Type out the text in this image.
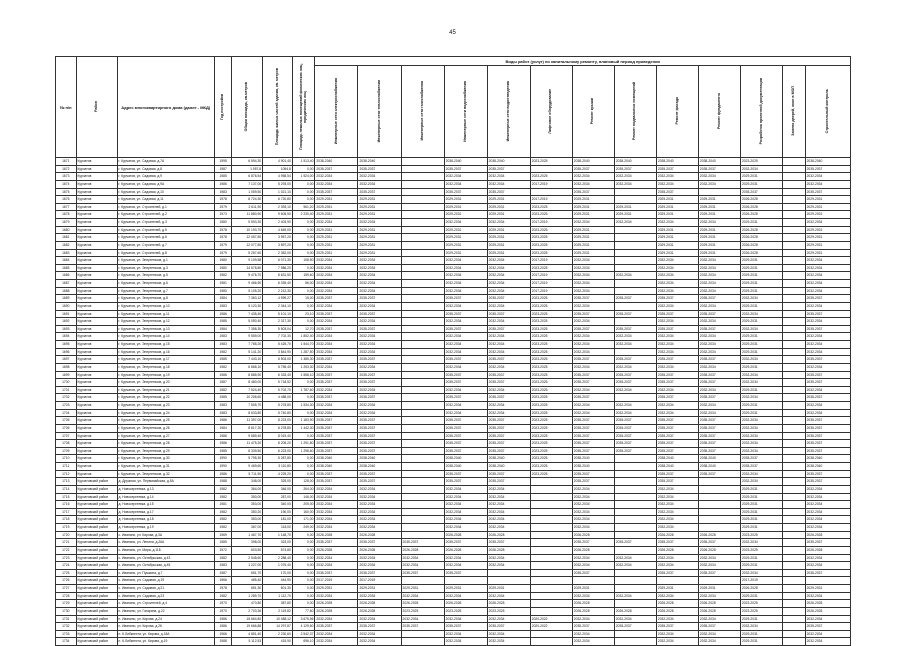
45
№ п/п	Район	Адрес многоквартирного дома (далее - МКД)	Год постройки	Общая площадь, кв.метров	Площадь жилых частей здания, кв. метров	Площадь нежилых помещений физических лиц, юридических лиц	Виды работ (услуг) по капитальному ремонту, плановый период проведения												
							Инженерные сети электроснабжения	Инженерные сети теплоснабжения	Инженерные сети газоснабжения	Инженерные сети водоснабжения	Инженерные сети водоотведения	Лифтовое оборудование	Ремонт крыши	Ремонт подвальных помещений	Ремонт фасада	Ремонт фундамента	Разработка проектной документации	Замена дверей, окон в МОП	Строительный контроль
1671	Курчатов	г. Курчатов, ул. Садовая, д.7А	1995	6 594,30	4 901,40	1 513,40	2038-2040	2038-2040		2038-2040	2038-2040	2023-2025	2038-2040	2038-2040	2038-2040	2038-2040	2023-2025		2038-2040
1672	Курчатов	г. Курчатов, ул. Садовая, д.8	1987	1 057,8	1054,8	0,00	2035-2037	2035-2037		2035-2037	2035-2037		2035-2037	2035-2037	2035-2037	2035-2037	2032-2034		2035-2037
1673	Курчатов	г. Курчатов, ул. Садовая, д.9	1985	6 876,54	4 958,54	1 524,00	2032-2034	2032-2034		2032-2034	2032-2034	2023-2025	2032-2034	2032-2034	2032-2034	2032-2034	2029-2031		2032-2034
1674	Курчатов	г. Курчатов, ул. Садовая, д.9А	1986	7 137,00	5 293,00	0,00	2032-2034	2032-2034		2032-2034	2032-2034	2017-2019	2032-2034	2032-2034	2032-2034	2032-2034	2029-2031		2032-2034
1675	Курчатов	г. Курчатов, ул. Садовая, д.10	1983	1 059,50	1 021,10	0,00	2035-2037	2035-2037		2035-2037	2035-2037		2035-2037		2035-2037		2035-2037		2035-2037
1676	Курчатов	г. Курчатов, ул. Садовая, д.11	1978	8 724,30	6 720,80	0,00	2029-2031	2029-2031		2029-2031	2029-2031	2017-2019	2029-2031		2029-2031	2029-2031	2026-2028		2029-2031
1677	Курчатов	г. Курчатов, ул. Строителей, д.1	1979	2 611,90	2 393,10	961,20	2029-2031	2029-2031		2029-2031	2029-2031	2023-2025	2029-2031	2029-2031	2029-2031	2029-2031	2026-2028		2029-2031
1678	Курчатов	г. Курчатов, ул. Строителей, д.2	1973	11 880,90	9 605,50	2 230,40	2029-2031	2029-2031		2029-2031	2029-2031	2023-2025	2029-2031	2029-2031	2029-2031	2029-2031	2026-2028		2029-2031
1679	Курчатов	г. Курчатов, ул. Строителей, д.3	1980	5 593,30	2 403,90	0,00	2032-2034	2032-2034		2032-2034	2032-2034	2017-2019	2032-2034	2032-2034	2032-2034	2032-2034	2029-2031		2032-2034
1680	Курчатов	г. Курчатов, ул. Строителей, д.5	1978	10 193,70	4 649,00	0,00	2029-2031	2029-2031		2029-2031	2029-2031	2023-2025	2029-2031		2029-2031	2029-2031	2026-2028		2029-2031
1681	Курчатов	г. Курчатов, ул. Строителей, д.6	1978	12 057,80	3 957,20	0,00	2029-2031	2029-2031		2029-2031	2029-2031	2023-2025	2029-2031		2029-2031	2029-2031	2026-2028		2029-2031
1682	Курчатов	г. Курчатов, ул. Строителей, д.7	1979	12 077,80	3 897,20	0,00	2029-2031	2029-2031		2029-2031	2029-2031	2023-2025	2029-2031		2029-2031	2029-2031	2026-2028		2029-2031
1683	Курчатов	г. Курчатов, ул. Строителей, д.8	1979	5 257,60	2 352,00	0,00	2029-2031	2029-2031		2029-2031	2029-2031	2023-2025	2029-2031		2029-2031	2029-2031	2026-2028		2029-2031
1684	Курчатов	г. Курчатов, ул. Энергетиков, д.1	1980	9 109,58	6 071,30	108,50	2032-2034	2032-2034		2032-2034	2032-2034	2017-2019	2032-2034		2032-2034	2032-2034	2029-2031		2032-2034
1685	Курчатов	г. Курчатов, ул. Энергетиков, д.3	1980	14 578,80	7 986,20	0,00	2032-2034	2032-2034		2032-2034	2032-2034	2023-2025	2032-2034		2032-2034	2032-2034	2029-2031		2032-2034
1686	Курчатов	г. Курчатов, ул. Энергетиков, д.5	1982	9 476,70	8 631,50	159,60	2032-2034	2032-2034		2032-2034	2032-2034	2017-2019	2032-2034	2032-2034	2032-2034	2032-2034	2029-2031		2032-2034
1687	Курчатов	г. Курчатов, ул. Энергетиков, д.6	1981	9 466,90	6 339,40	56,00	2032-2034	2032-2034		2032-2034	2032-2034	2017-2019	2032-2034		2032-2034	2032-2034	2029-2031		2032-2034
1688	Курчатов	г. Курчатов, ул. Энергетиков, д.7	1980	5 105,20	2 212,30	0,00	2032-2034	2032-2034		2032-2034	2032-2034	2017-2019	2032-2034		2032-2034	2032-2034	2029-2031		2032-2034
1689	Курчатов	г. Курчатов, ул. Энергетиков, д.8	1984	7 363,12	4 999,27	15,00	2035-2037	2035-2037		2035-2037	2035-2037	2023-2025	2035-2037	2035-2037	2035-2037	2035-2037	2032-2034		2035-2037
1690	Курчатов	г. Курчатов, ул. Энергетиков, д.10	1983	5 120,30	2 344,10	0,00	2032-2034	2032-2034		2032-2034	2032-2034	2023-2025	2032-2034		2032-2034	2032-2034	2029-2031		2032-2034
1691	Курчатов	г. Курчатов, ул. Энергетиков, д.11	1986	7 435,40	5 101,10	23,10	2035-2037	2035-2037		2035-2037	2035-2037	2023-2025	2035-2037	2035-2037	2035-2037	2035-2037	2032-2034		2035-2037
1692	Курчатов	г. Курчатов, ул. Энергетиков, д.12	1985	5 050,40	2 317,30	0,00	2032-2034	2032-2034		2032-2034	2032-2034	2023-2025	2032-2034		2032-2034	2032-2034	2029-2031		2032-2034
1693	Курчатов	г. Курчатов, ул. Энергетиков, д.13	1984	7 358,30	5 503,04	12,70	2035-2037	2035-2037		2035-2037	2035-2037	2023-2025	2035-2037	2035-2037	2035-2037	2035-2037	2032-2034		2035-2037
1694	Курчатов	г. Курчатов, ул. Энергетиков, д.14	1983	9 559,00	7 702,30	1 852,40	2032-2034	2032-2034		2032-2034	2032-2034	2023-2025	2032-2034	2032-2034	2032-2034	2032-2034	2029-2031		2032-2034
1695	Курчатов	г. Курчатов, ул. Энергетиков, д.15	1983	7 785,20	5 425,70	1 544,70	2032-2034	2032-2034		2032-2034	2032-2034	2023-2025	2032-2034	2032-2034	2032-2034	2032-2034	2029-2031		2032-2034
1696	Курчатов	г. Курчатов, ул. Энергетиков, д.16	1982	5 141,20	3 844,90	1 287,50	2032-2034	2032-2034		2032-2034	2032-2034	2023-2025	2032-2034		2032-2034	2032-2034	2029-2031		2032-2034
1697	Курчатов	г. Курчатов, ул. Энергетиков, д.17	1985	7 443,10	5 503,00	1 385,30	2035-2037	2035-2037		2035-2037	2035-2037	2023-2025	2035-2037	2035-2037	2035-2037	2035-2037	2032-2034		2035-2037
1698	Курчатов	г. Курчатов, ул. Энергетиков, д.18	1982	6 868,10	5 755,40	1 253,30	2032-2034	2032-2034		2032-2034	2032-2034	2023-2025	2032-2034	2032-2034	2032-2034	2032-2034	2029-2031		2032-2034
1699	Курчатов	г. Курчатов, ул. Энергетиков, д.19	1986	8 885,90	6 333,40	1 558,10	2035-2037	2035-2037		2035-2037	2035-2037	2023-2025	2035-2037	2035-2037	2035-2037	2035-2037	2032-2034		2035-2037
1700	Курчатов	г. Курчатов, ул. Энергетиков, д.20	1987	8 480,00	5 718,52	0,00	2035-2037	2035-2037		2035-2037	2035-2037	2023-2025	2035-2037	2035-2037	2035-2037	2035-2037	2032-2034		2035-2037
1701	Курчатов	г. Курчатов, ул. Энергетиков, д.21	1982	7 524,40	5 702,70	1 787,60	2032-2034	2032-2034		2032-2034	2032-2034	2023-2025	2032-2034	2032-2034	2032-2034	2032-2034	2029-2031		2032-2034
1702	Курчатов	г. Курчатов, ул. Энергетиков, д.22	1985	10 206,60	4 488,00	0,00	2035-2037	2035-2037		2035-2037	2035-2037	2023-2025	2035-2037		2035-2037	2035-2037	2032-2034		2035-2037
1703	Курчатов	г. Курчатов, ул. Энергетиков, д.23	1983	7 505,70	5 278,80	1 534,30	2032-2034	2032-2034		2032-2034	2032-2034	2023-2025	2032-2034	2032-2034	2032-2034	2032-2034	2029-2031		2032-2034
1704	Курчатов	г. Курчатов, ул. Энергетиков, д.24	1983	8 633,80	5 740,80	0,00	2032-2034	2032-2034		2032-2034	2032-2034	2023-2025	2032-2034	2032-2034	2032-2034	2032-2034	2029-2031		2032-2034
1705	Курчатов	г. Курчатов, ул. Энергетиков, д.25	1986	11 397,00	8 223,00	1 183,90	2035-2037	2035-2037		2035-2037	2035-2037	2023-2025	2035-2037	2035-2037	2035-2037	2035-2037	2032-2034		2035-2037
1706	Курчатов	г. Курчатов, ул. Энергетиков, д.26	1984	8 617,20	6 278,80	1 442,30	2035-2037	2035-2037		2035-2037	2035-2037	2023-2025	2035-2037	2035-2037	2035-2037	2035-2037	2032-2034		2035-2037
1707	Курчатов	г. Курчатов, ул. Энергетиков, д.27	1986	9 589,40	8 019,40	0,00	2035-2037	2035-2037		2035-2037	2035-2037	2023-2025	2035-2037	2035-2037	2035-2037	2035-2037	2032-2034		2035-2037
1708	Курчатов	г. Курчатов, ул. Энергетиков, д.28	1986	11 475,20	8 205,20	1 291,80	2035-2037	2035-2037		2035-2037	2035-2037	2023-2025	2035-2037	2035-2037	2035-2037	2035-2037	2032-2034		2035-2037
1709	Курчатов	г. Курчатов, ул. Энергетиков, д.29	1985	8 339,50	6 223,00	1 298,60	2035-2037	2035-2037		2035-2037	2035-2037	2023-2025	2035-2037	2035-2037	2035-2037	2035-2037	2032-2034		2035-2037
1710	Курчатов	г. Курчатов, ул. Энергетиков, д.30	1990	5 795,30	5 287,80	0,00	2038-2040	2038-2040		2038-2040	2038-2040	2023-2025	2038-2040		2038-2040	2038-2040	2035-2037		2038-2040
1711	Курчатов	г. Курчатов, ул. Энергетиков, д.31	1990	9 469,60	3 110,80	0,00	2038-2040	2038-2040		2038-2040	2038-2040	2023-2025	2038-2040		2038-2040	2038-2040	2035-2037		2038-2040
1712	Курчатов	г. Курчатов, ул. Энергетиков, д.32	1986	5 711,50	4 225,20	0,00	2035-2037	2035-2037		2035-2037	2035-2037	2023-2025	2035-2037		2035-2037	2035-2037	2032-2034		2035-2037
1713	Курчатовский район	д. Дружная, ул. Первомайская, д.5А	1988	348,00	325,00	128,00	2035-2037	2035-2037		2035-2037	2035-2037		2035-2037		2035-2037		2032-2034		2035-2037
1714	Курчатовский район	д. Новосергеевка, д.13	1982	364,00	346,00	264,00	2032-2034	2032-2034		2032-2034	2032-2034		2032-2034		2032-2034		2029-2031		2032-2034
1715	Курчатовский район	д. Новосергеевка, д.14	1982	350,00	287,00	146,00	2032-2034	2032-2034		2032-2034	2032-2034		2032-2034		2032-2034		2029-2031		2032-2034
1716	Курчатовский район	д. Новосергеевка, д.15	1981	353,00	340,00	205,00	2032-2034	2032-2034		2032-2034	2032-2034		2032-2034		2032-2034		2029-2031		2032-2034
1717	Курчатовский район	д. Новосергеевка, д.17	1982	350,20	190,00	160,00	2032-2034	2032-2034		2032-2034	2032-2034		2032-2034		2032-2034		2029-2031		2032-2034
1718	Курчатовский район	д. Новосергеевка, д.18	1982	353,00	181,00	171,00	2032-2034	2032-2034		2032-2034	2032-2034		2032-2034		2032-2034		2029-2031		2032-2034
1719	Курчатовский район	д. Новосергеевка, д.19	1982	367,00	118,00	249,00	2032-2034	2032-2034		2032-2034	2032-2034		2032-2034		2032-2034		2029-2031		2032-2034
1720	Курчатовский район	с. Иванино, ул. Кирова, д.3А	1969	1 467,70	1 148,70	0,00	2026-2028	2026-2028		2026-2028	2026-2028		2026-2028		2026-2028	2026-2028	2023-2025		2026-2028
1721	Курчатовский район	с. Иванино, ул. Ленина, д.26А	1985	398,00	323,00	0,00	2035-2037	2035-2037	2035-2037	2035-2037	2035-2037		2035-2037	2035-2037	2035-2037	2035-2037	2032-2034		2035-2037
1722	Курчатовский район	с. Иванино, ул. Мира, д.11Б	1972	603,50	574,80	0,00	2026-2028	2026-2028	2026-2028	2026-2028	2026-2028		2026-2028		2026-2028	2026-2028	2023-2025		2026-2028
1723	Курчатовский район	с. Иванино, ул. Октябрьская, д.43	1982	2 545,60	2 288,40	0,00	2032-2034	2032-2034	2032-2034	2032-2034	2032-2034		2032-2034	2032-2034	2032-2034	2032-2034	2029-2031		2032-2034
1724	Курчатовский район	с. Иванино, ул. Октябрьская, д.45	1983	1 227,00	1 076,40	0,00	2032-2034	2032-2034	2032-2034	2032-2034	2032-2034		2032-2034	2032-2034	2032-2034	2032-2034	2029-2031		2032-2034
1725	Курчатовский район	с. Иванино, ул. Пушкина, д.7	1987	651,70	170,00	0,00	2035-2037	2035-2037	2035-2037	2035-2037			2035-2037		2035-2037	2035-2037	2032-2034		2035-2037
1726	Курчатовский район	с. Иванино, ул. Садовая, д.19	1966	485,40	444,90	0,00	2017-2019	2017-2019									2017-2019		
1727	Курчатовский район	с. Иванино, ул. Садовая, д.21	1978	651,30	601,30	0,00	2029-2031	2029-2031	2029-2031	2029-2031	2029-2031		2029-2031		2029-2031	2029-2031	2026-2028		2029-2031
1728	Курчатовский район	с. Иванино, ул. Садовая, д.23	1982	1 289,70	1 112,70	0,00	2032-2034	2032-2034	2032-2034	2032-2034	2032-2034		2032-2034	2032-2034	2032-2034	2032-2034	2029-2031		2032-2034
1729	Курчатовский район	с. Иванино, ул. Строителей, д.4	1970	470,80	387,80	0,00	2026-2028	2026-2028	2026-2028	2026-2028	2026-2028		2026-2028		2026-2028	2026-2028	2023-2025		2026-2028
1730	Курчатовский район	п. Иванино, ул. Гагарина, д.22	1970	2 703,36	2 119,82	77,60	2026-2028	2026-2028	2023-2025	2023-2025	2023-2025		2026-2028	2026-2028	2026-2028	2026-2028	2023-2025		2026-2028
1731	Курчатовский район	п. Иванино, ул. Кирова, д.24	1986	15 664,80	10 488,12	3 675,96	2032-2034	2032-2034	2032-2034	2032-2034	2032-2034	2020-2022	2032-2034	2032-2034	2032-2034	2032-2034	2029-2031		2032-2034
1732	Курчатовский район	п. Иванино, ул. Кирова, д.26	1986	19 666,88	14 297,87	4 129,60	2035-2037	2035-2037	2035-2037	2035-2037	2035-2037	2020-2022	2035-2037	2035-2037	2035-2037	2035-2037	2032-2034		2035-2037
1733	Курчатовский район	п. К.Либкнехта, ул. Кирова, д.18А	1966	4 851,40	2 230,60	2 542,37	2032-2034	2032-2034		2032-2034	2032-2034		2032-2034		2032-2034	2032-2034	2029-2031		2032-2034
1734	Курчатовский район	п. К.Либкнехта, ул. Кирова, д.19	1988	5 112,53	415,90	696,10	2032-2034	2032-2034		2032-2034	2032-2034		2032-2034		2032-2034	2032-2034	2029-2031		2032-2034
